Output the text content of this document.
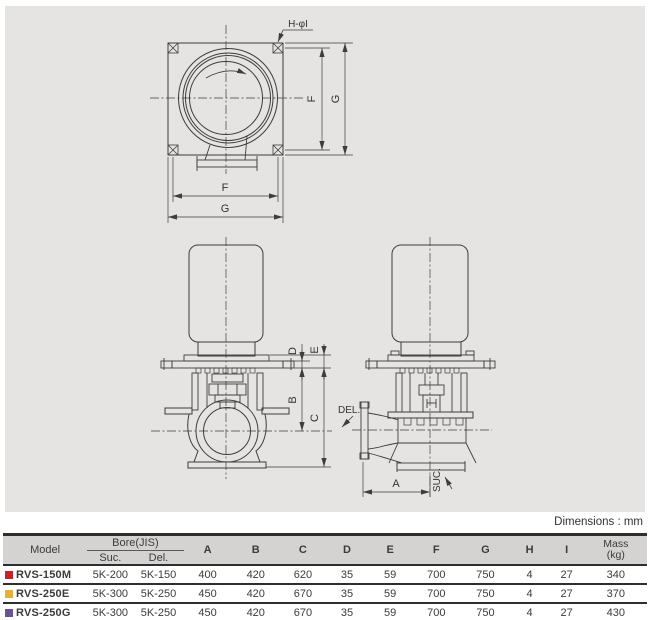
H-φI
F G
F
G
D E
B
C
DEL.
SUC.
A
Dimensions : mm
Model	Bore(JIS)		A	B	C	D	E	F	G	H	I	Mass
(kg)

	Suc.	Del.										

RVS-150M	5K-200	5K-150	400	420	620	35	59	700	750	4	27	340

RVS-250E	5K-300	5K-250	450	420	670	35	59	700	750	4	27	370

RVS-250G	5K-300	5K-250	450	420	670	35	59	700	750	4	27	430
